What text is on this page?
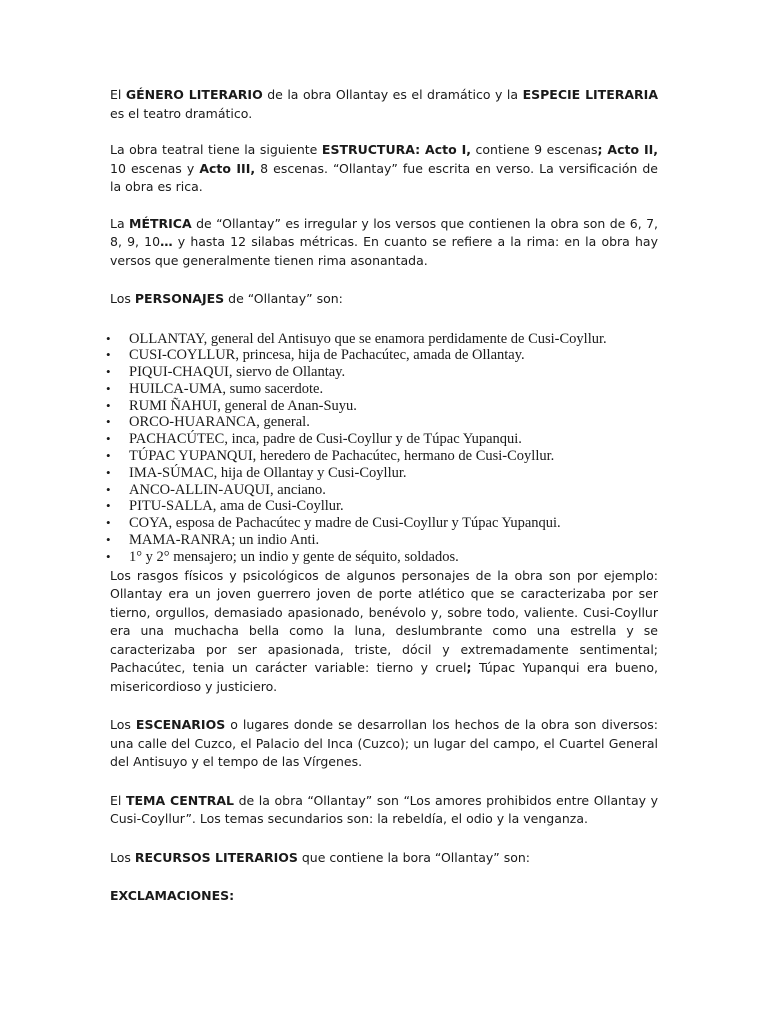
El GÉNERO LITERARIO de la obra Ollantay es el dramático y la ESPECIE LITERARIA es el teatro dramático.

La obra teatral tiene la siguiente ESTRUCTURA: Acto I, contiene 9 escenas; Acto II, 10 escenas y Acto III, 8 escenas. “Ollantay” fue escrita en verso. La versificación de la obra es rica.

La MÉTRICA de “Ollantay” es irregular y los versos que contienen la obra son de 6, 7, 8, 9, 10… y hasta 12 silabas métricas. En cuanto se refiere a la rima: en la obra hay versos que generalmente tienen rima asonantada.

Los PERSONAJES de “Ollantay” son:

• OLLANTAY, general del Antisuyo que se enamora perdidamente de Cusi-Coyllur.
• CUSI-COYLLUR, princesa, hija de Pachacútec, amada de Ollantay.
• PIQUI-CHAQUI, siervo de Ollantay.
• HUILCA-UMA, sumo sacerdote.
• RUMI ÑAHUI, general de Anan-Suyu.
• ORCO-HUARANCA, general.
• PACHACÚTEC, inca, padre de Cusi-Coyllur y de Túpac Yupanqui.
• TÚPAC YUPANQUI, heredero de Pachacútec, hermano de Cusi-Coyllur.
• IMA-SÚMAC, hija de Ollantay y Cusi-Coyllur.
• ANCO-ALLIN-AUQUI, anciano.
• PITU-SALLA, ama de Cusi-Coyllur.
• COYA, esposa de Pachacútec y madre de Cusi-Coyllur y Túpac Yupanqui.
• MAMA-RANRA; un indio Anti.
• 1° y 2° mensajero; un indio y gente de séquito, soldados.

Los rasgos físicos y psicológicos de algunos personajes de la obra son por ejemplo: Ollantay era un joven guerrero joven de porte atlético que se caracterizaba por ser tierno, orgullos, demasiado apasionado, benévolo y, sobre todo, valiente. Cusi-Coyllur era una muchacha bella como la luna, deslumbrante como una estrella y se caracterizaba por ser apasionada, triste, dócil y extremadamente sentimental; Pachacútec, tenia un carácter variable: tierno y cruel; Túpac Yupanqui era bueno, misericordioso y justiciero.

Los ESCENARIOS o lugares donde se desarrollan los hechos de la obra son diversos: una calle del Cuzco, el Palacio del Inca (Cuzco); un lugar del campo, el Cuartel General del Antisuyo y el tempo de las Vírgenes.

El TEMA CENTRAL de la obra “Ollantay” son “Los amores prohibidos entre Ollantay y Cusi-Coyllur”. Los temas secundarios son: la rebeldía, el odio y la venganza.

Los RECURSOS LITERARIOS que contiene la bora “Ollantay” son:

EXCLAMACIONES:
